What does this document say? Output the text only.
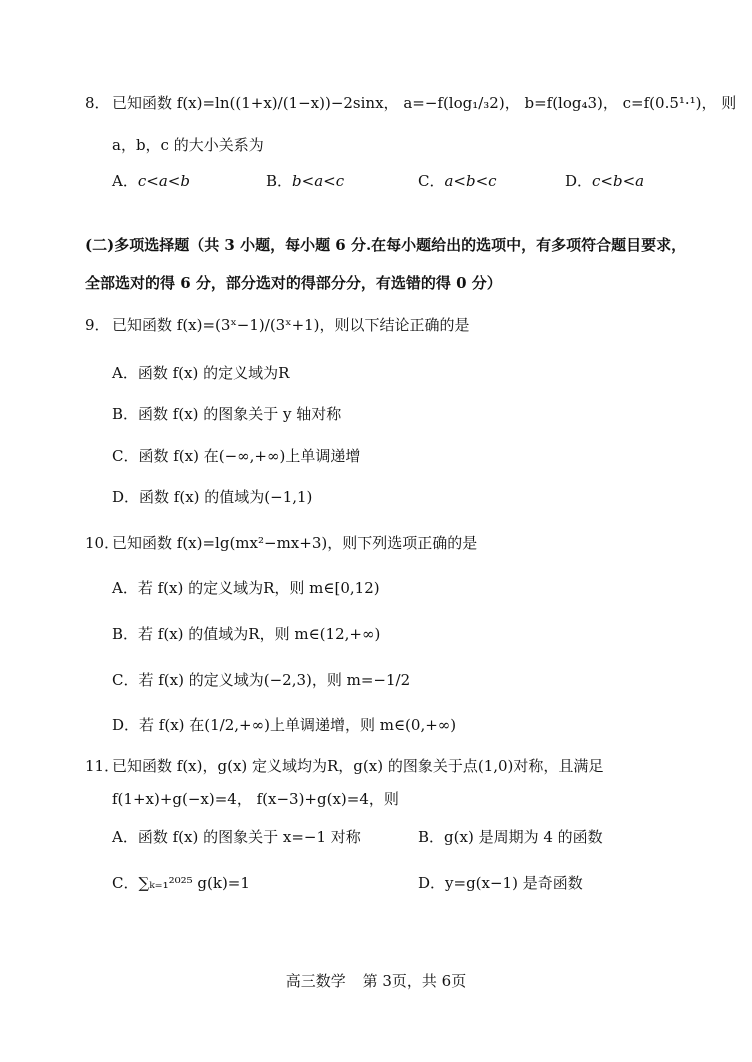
8． 已知函数 f(x)=ln((1+x)/(1−x))−2sinx， a=−f(log₁/₃2)， b=f(log₄3)， c=f(0.5¹·¹)， 则
a，b，c 的大小关系为
A．c<a<b	B．b<a<c	C．a<b<c	D．c<b<a
(二)多项选择题（共 3 小题，每小题 6 分.在每小题给出的选项中，有多项符合题目要求，
全部选对的得 6 分，部分选对的得部分分，有选错的得 0 分）
9． 已知函数 f(x)=(3ˣ−1)/(3ˣ+1)，则以下结论正确的是
A．函数 f(x) 的定义域为R
B．函数 f(x) 的图象关于 y 轴对称
C．函数 f(x) 在(−∞,+∞)上单调递增
D．函数 f(x) 的值域为(−1,1)
10．
已知函数 f(x)=lg(mx²−mx+3)，则下列选项正确的是
A．若 f(x) 的定义域为R，则 m∈[0,12)
B．若 f(x) 的值域为R，则 m∈(12,+∞)
C．若 f(x) 的定义域为(−2,3)，则 m=−1/2
D．若 f(x) 在(1/2,+∞)上单调递增，则 m∈(0,+∞)
11．
已知函数 f(x)，g(x) 定义域均为R，g(x) 的图象关于点(1,0)对称，且满足
f(1+x)+g(−x)=4， f(x−3)+g(x)=4，则
A．函数 f(x) 的图象关于 x=−1 对称	B．g(x) 是周期为 4 的函数
C．∑ₖ₌₁²⁰²⁵ g(k)=1	D．y=g(x−1) 是奇函数
高三数学 第 3页，共 6页
